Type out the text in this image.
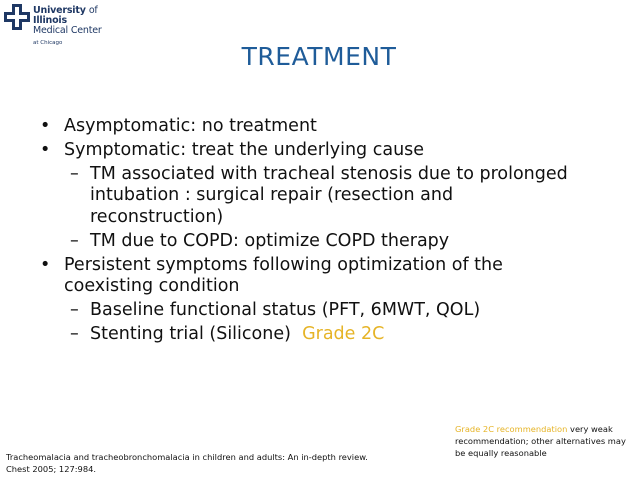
University of
Illinois
Medical Center
at Chicago	TREATMENT
• Asymptomatic: no treatment
• Symptomatic: treat the underlying cause
– TM associated with tracheal stenosis due to prolonged
intubation : surgical repair (resection and
reconstruction)
– TM due to COPD: optimize COPD therapy
• Persistent symptoms following optimization of the
coexisting condition
– Baseline functional status (PFT, 6MWT, QOL)
– Stenting trial (Silicone) Grade 2C
Tracheomalacia and tracheobronchomalacia in children and adults: An in-depth review.
Chest 2005; 127:984.
Grade 2C recommendation very weak recommendation; other alternatives may be equally reasonable
